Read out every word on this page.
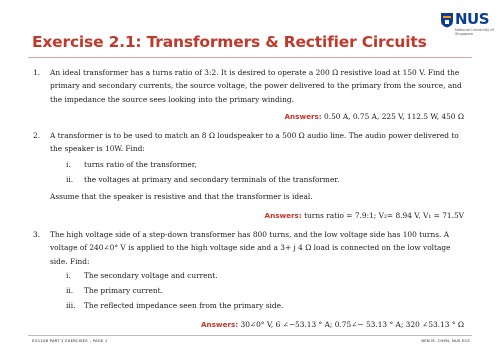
Exercise 2.1: Transformers & Rectifier Circuits
NUS
National University of Singapore
1. An ideal transformer has a turns ratio of 3:2. It is desired to operate a 200 Ω resistive load at 150 V. Find the primary and secondary currents, the source voltage, the power delivered to the primary from the source, and the impedance the source sees looking into the primary winding.
Answers: 0.50 A, 0.75 A, 225 V, 112.5 W, 450 Ω
2. A transformer is to be used to match an 8 Ω loudspeaker to a 500 Ω audio line. The audio power delivered to the speaker is 10W. Find:
i. turns ratio of the transformer,
ii. the voltages at primary and secondary terminals of the transformer.
Assume that the speaker is resistive and that the transformer is ideal.
Answers: turns ratio = 7.9:1; V₂= 8.94 V, V₁ = 71.5V
3. The high voltage side of a step-down transformer has 800 turns, and the low voltage side has 100 turns. A voltage of 240∠0° V is applied to the high voltage side and a 3+ j 4 Ω load is connected on the low voltage side. Find:
i. The secondary voltage and current.
ii. The primary current.
iii. The reflected impedance seen from the primary side.
Answers: 30∠0° V, 6 ∠−53.13 ° A; 0.75∠− 53.13 ° A; 320 ∠53.13 ° Ω
EG1108 PART 2 EXERCISES – PAGE 1	BEN M. CHEN, NUS ECE
